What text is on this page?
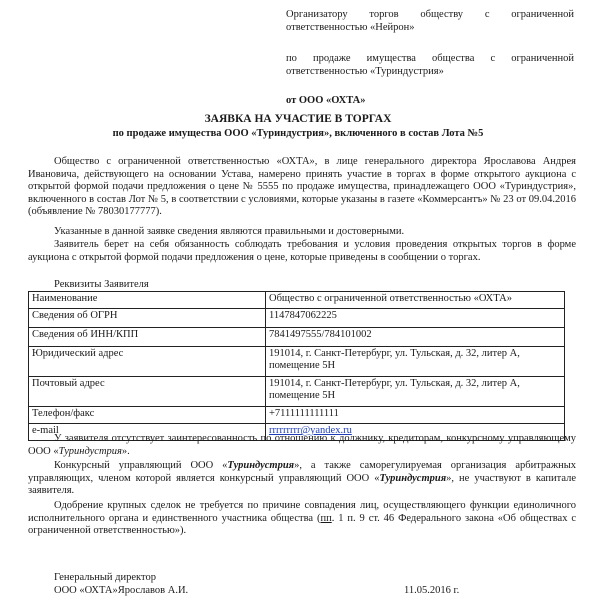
Организатору торгов обществу с ограниченной ответственностью «Нейрон»
по продаже имущества общества с ограниченной ответственностью «Туриндустрия»
от ООО «ОХТА»
ЗАЯВКА НА УЧАСТИЕ В ТОРГАХ
по продаже имущества ООО «Туриндустрия», включенного в состав Лота №5
Общество с ограниченной ответственностью «ОХТА», в лице генерального директора Ярославова Андрея Ивановича, действующего на основании Устава, намерено принять участие в торгах в форме открытого аукциона с открытой формой подачи предложения о цене № 5555 по продаже имущества, принадлежащего ООО «Туриндустрия», включенного в состав Лот № 5, в соответствии с условиями, которые указаны в газете «Коммерсантъ» № 23 от 09.04.2016 (объявление № 78030177777).
Указанные в данной заявке сведения являются правильными и достоверными.
Заявитель берет на себя обязанность соблюдать требования и условия проведения открытых торгов в форме аукциона с открытой формой подачи предложения о цене, которые приведены в сообщении о торгах.
Реквизиты Заявителя
Наименование	Общество с ограниченной ответственностью «ОХТА»
Сведения об ОГРН	1147847062225
Сведения об ИНН/КПП	7841497555/784101002
Юридический адрес	191014, г. Санкт-Петербург, ул. Тульская, д. 32, литер А, помещение 5Н
Почтовый адрес	191014, г. Санкт-Петербург, ул. Тульская, д. 32, литер А, помещение 5Н
Телефон/факс	+7111111111111
e-mail	rrrrrrrrr@yandex.ru
У заявителя отсутствует заинтересованность по отношению к должнику, кредиторам, конкурсному управляющему ООО «Туриндустрия».
Конкурсный управляющий ООО «Туриндустрия», а также саморегулируемая организация арбитражных управляющих, членом которой является конкурсный управляющий ООО «Туриндустрия», не участвуют в капитале заявителя.
Одобрение крупных сделок не требуется по причине совпадения лиц, осуществляющего функции единоличного исполнительного органа и единственного участника общества (пп. 1 п. 9 ст. 46 Федерального закона «Об обществах с ограниченной ответственностью»).
Генеральный директор
ООО «ОХТА»Ярославов А.И.	11.05.2016 г.
